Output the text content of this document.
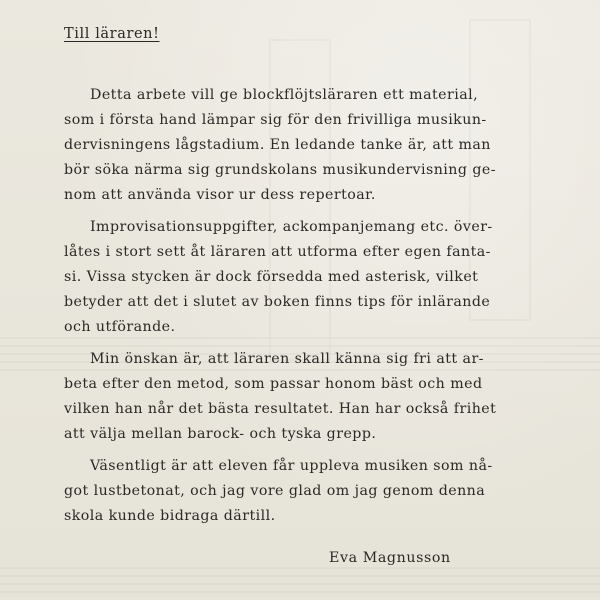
Till läraren!
Detta arbete vill ge blockflöjtsläraren ett material,
som i första hand lämpar sig för den frivilliga musikun-
dervisningens lågstadium. En ledande tanke är, att man
bör söka närma sig grundskolans musikundervisning ge-
nom att använda visor ur dess repertoar.
Improvisationsuppgifter, ackompanjemang etc. över-
låtes i stort sett åt läraren att utforma efter egen fanta-
si. Vissa stycken är dock försedda med asterisk, vilket
betyder att det i slutet av boken finns tips för inlärande
och utförande.
Min önskan är, att läraren skall känna sig fri att ar-
beta efter den metod, som passar honom bäst och med
vilken han når det bästa resultatet. Han har också frihet
att välja mellan barock- och tyska grepp.
Väsentligt är att eleven får uppleva musiken som nå-
got lustbetonat, och jag vore glad om jag genom denna
skola kunde bidraga därtill.
Eva Magnusson
